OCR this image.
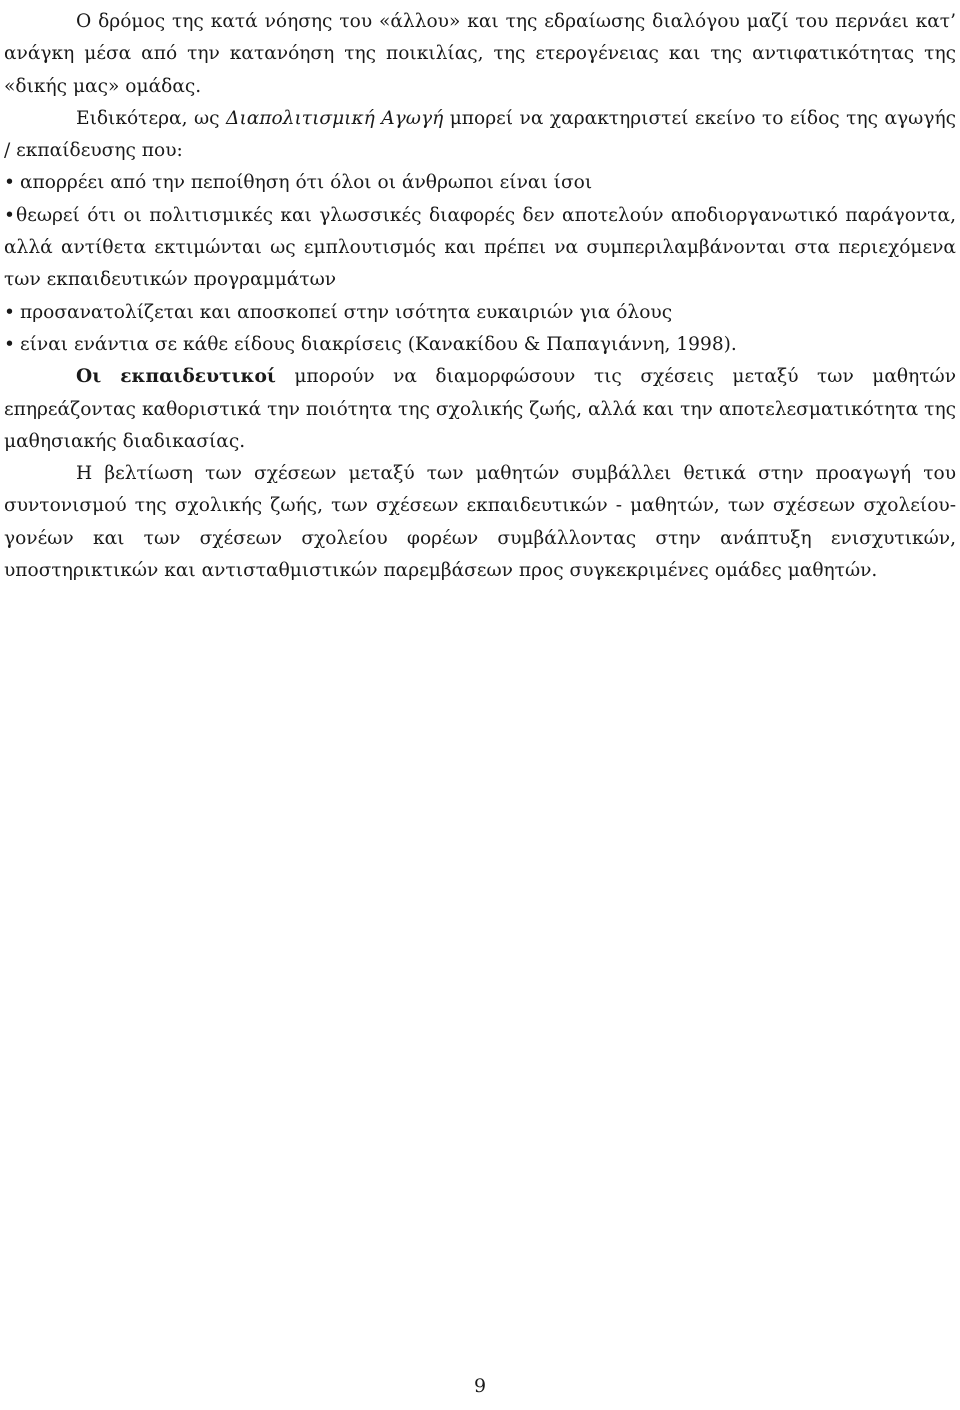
Ο δρόμος της κατά νόησης του «άλλου» και της εδραίωσης διαλόγου μαζί του περνάει κατ’ ανάγκη μέσα από την κατανόηση της ποικιλίας, της ετερογένειας και της αντιφατικότητας της «δικής μας» ομάδας.

Ειδικότερα, ως Διαπολιτισμική Αγωγή μπορεί να χαρακτηριστεί εκείνο το είδος της αγωγής / εκπαίδευσης που:

• απορρέει από την πεποίθηση ότι όλοι οι άνθρωποι είναι ίσοι

•θεωρεί ότι οι πολιτισμικές και γλωσσικές διαφορές δεν αποτελούν αποδιοργανωτικό παράγοντα, αλλά αντίθετα εκτιμώνται ως εμπλουτισμός και πρέπει να συμπεριλαμβάνονται στα περιεχόμενα των εκπαιδευτικών προγραμμάτων

• προσανατολίζεται και αποσκοπεί στην ισότητα ευκαιριών για όλους

• είναι ενάντια σε κάθε είδους διακρίσεις (Κανακίδου & Παπαγιάννη, 1998).

Οι εκπαιδευτικοί μπορούν να διαμορφώσουν τις σχέσεις μεταξύ των μαθητών επηρεάζοντας καθοριστικά την ποιότητα της σχολικής ζωής, αλλά και την αποτελεσματικότητα της μαθησιακής διαδικασίας.

Η βελτίωση των σχέσεων μεταξύ των μαθητών συμβάλλει θετικά στην προαγωγή του συντονισμού της σχολικής ζωής, των σχέσεων εκπαιδευτικών - μαθητών, των σχέσεων σχολείου-γονέων και των σχέσεων σχολείου φορέων συμβάλλοντας στην ανάπτυξη ενισχυτικών, υποστηρικτικών και αντισταθμιστικών παρεμβάσεων προς συγκεκριμένες ομάδες μαθητών.

9
